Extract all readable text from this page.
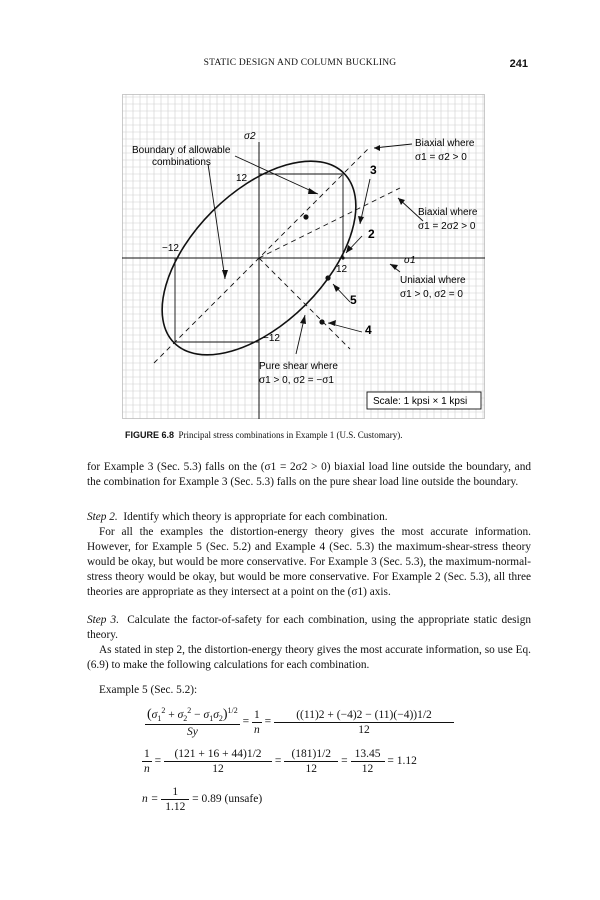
STATIC DESIGN AND COLUMN BUCKLING	241
σ2
σ1
12
−12
12
−12
Boundary of allowable
combinations
Biaxial where
σ1 = σ2 > 0
Biaxial where
σ1 = 2σ2 > 0
Uniaxial where
σ1 > 0, σ2 = 0
Pure shear where
σ1 > 0, σ2 = −σ1
2
3
4
5
Scale: 1 kpsi × 1 kpsi
FIGURE 6.8 Principal stress combinations in Example 1 (U.S. Customary).

for Example 3 (Sec. 5.3) falls on the (σ1 = 2σ2 > 0) biaxial load line outside the boundary, and the combination for Example 3 (Sec. 5.3) falls on the pure shear load line outside the boundary.

Step 2. Identify which theory is appropriate for each combination.

For all the examples the distortion-energy theory gives the most accurate information. However, for Example 5 (Sec. 5.2) and Example 4 (Sec. 5.3) the maximum-shear-stress theory would be okay, but would be more conservative. For Example 3 (Sec. 5.3), the maximum-normal-stress theory would be okay, but would be more conservative. For Example 2 (Sec. 5.3), all three theories are appropriate as they intersect at a point on the (σ1) axis.

Step 3. Calculate the factor-of-safety for each combination, using the appropriate static design theory.

As stated in step 2, the distortion-energy theory gives the most accurate information, so use Eq. (6.9) to make the following calculations for each combination.

Example 5 (Sec. 5.2):

$\frac{(\sigma_1^2 + \sigma_2^2 - \sigma_1\sigma_2)^{1/2}}{Sy} = \frac{1}{n} = \frac{((11)2 + (-4)2 - (11)(-4))1/2}{12}$
$\frac{1}{n} = \frac{(121 + 16 + 44)1/2}{12} = \frac{(181)1/2}{12} = \frac{13.45}{12} = 1.12$
$n = \frac{1}{1.12} = 0.89$ (unsafe)
